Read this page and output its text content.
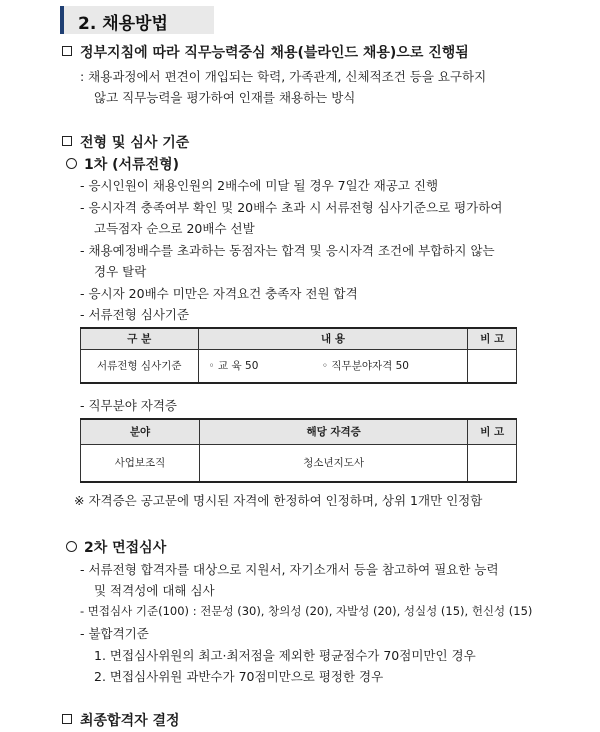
2. 채용방법
정부지침에 따라 직무능력중심 채용(블라인드 채용)으로 진행됨
: 채용과정에서 편견이 개입되는 학력, 가족관계, 신체적조건 등을 요구하지
않고 직무능력을 평가하여 인재를 채용하는 방식
전형 및 심사 기준
1차 (서류전형)
- 응시인원이 채용인원의 2배수에 미달 될 경우 7일간 재공고 진행
- 응시자격 충족여부 확인 및 20배수 초과 시 서류전형 심사기준으로 평가하여
고득점자 순으로 20배수 선발
- 채용예정배수를 초과하는 동점자는 합격 및 응시자격 조건에 부합하지 않는
경우 탈락
- 응시자 20배수 미만은 자격요건 충족자 전원 합격
- 서류전형 심사기준
구 분	내 용	비 고
서류전형 심사기준	◦ 교 육 50 ◦ 직무분야자격 50	
- 직무분야 자격증
분야	해당 자격증	비 고
사업보조직	청소년지도사	
※ 자격증은 공고문에 명시된 자격에 한정하여 인정하며, 상위 1개만 인정함
2차 면접심사
- 서류전형 합격자를 대상으로 지원서, 자기소개서 등을 참고하여 필요한 능력
및 적격성에 대해 심사
- 면접심사 기준(100) : 전문성 (30), 창의성 (20), 자발성 (20), 성실성 (15), 헌신성 (15)
- 불합격기준
1. 면접심사위원의 최고·최저점을 제외한 평균점수가 70점미만인 경우
2. 면접심사위원 과반수가 70점미만으로 평정한 경우
최종합격자 결정
